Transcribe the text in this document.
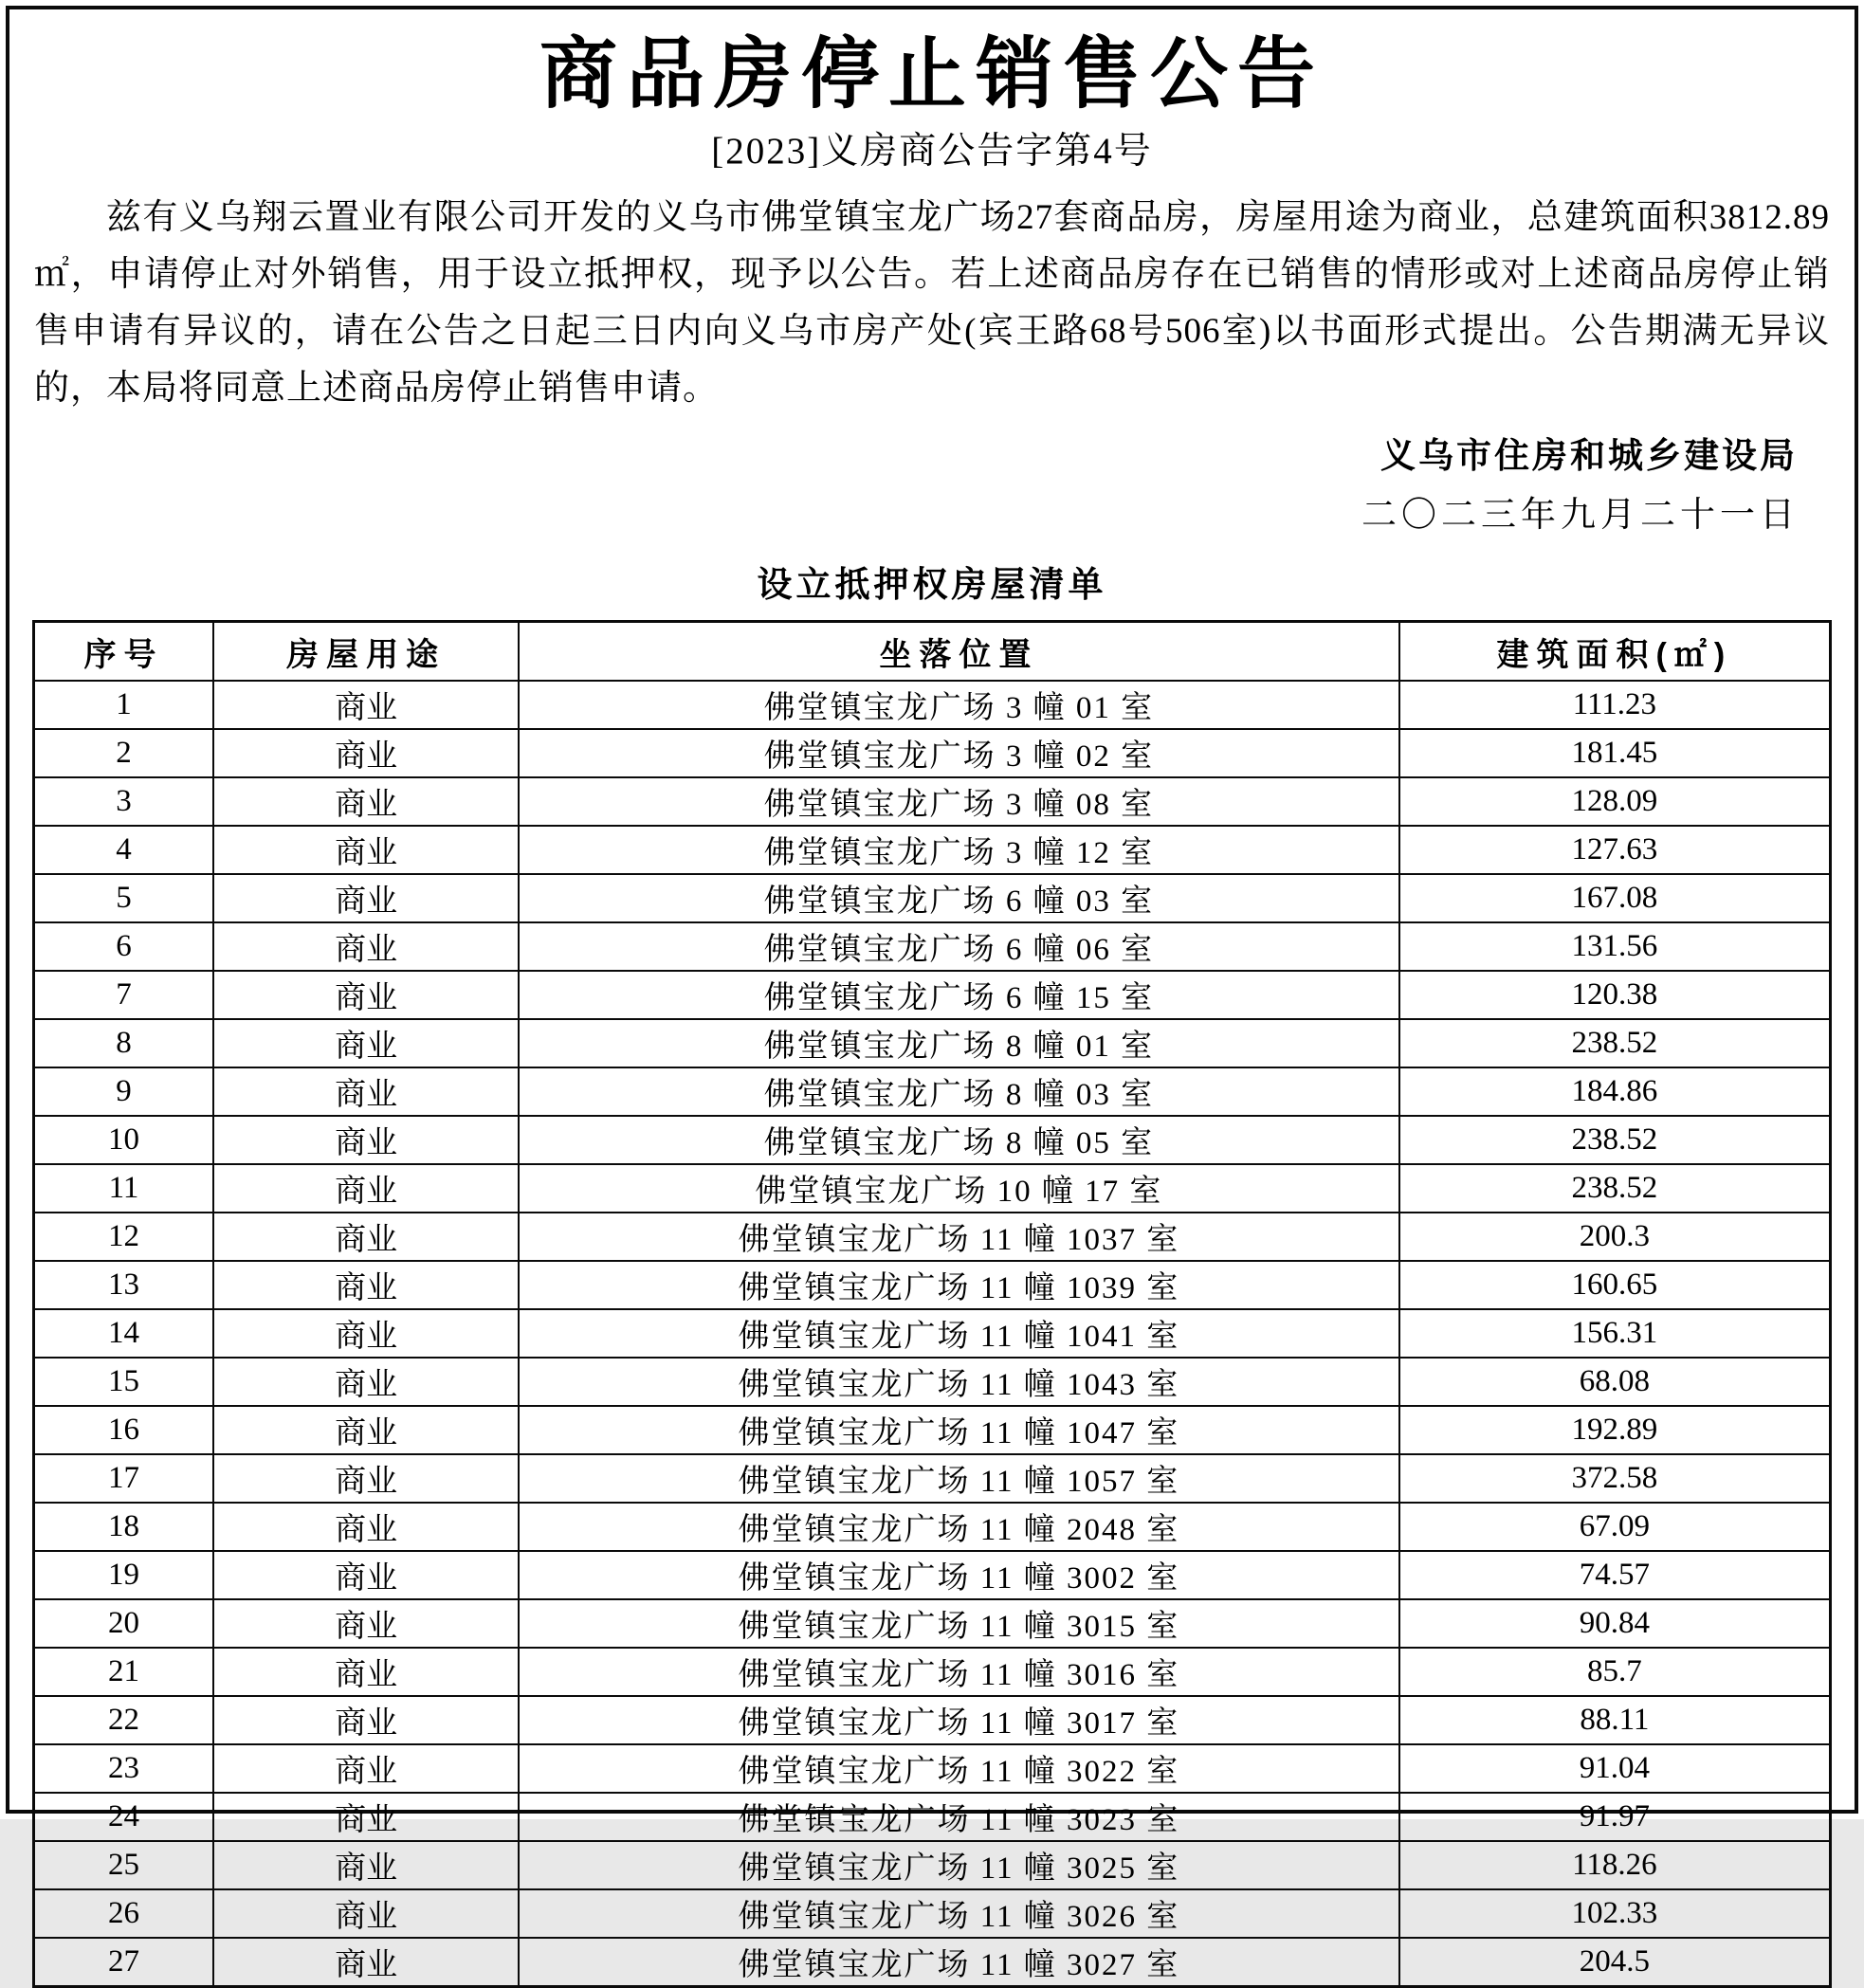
商品房停止销售公告
[2023]义房商公告字第4号

兹有义乌翔云置业有限公司开发的义乌市佛堂镇宝龙广场27套商品房，房屋用途为商业，总建筑面积3812.89㎡，申请停止对外销售，用于设立抵押权，现予以公告。若上述商品房存在已销售的情形或对上述商品房停止销售申请有异议的，请在公告之日起三日内向义乌市房产处(宾王路68号506室)以书面形式提出。公告期满无异议的，本局将同意上述商品房停止销售申请。

义乌市住房和城乡建设局
二〇二三年九月二十一日
设立抵押权房屋清单
序号	房屋用途	坐落位置	建筑面积(㎡)
1	商业	佛堂镇宝龙广场 3 幢 01 室	111.23
2	商业	佛堂镇宝龙广场 3 幢 02 室	181.45
3	商业	佛堂镇宝龙广场 3 幢 08 室	128.09
4	商业	佛堂镇宝龙广场 3 幢 12 室	127.63
5	商业	佛堂镇宝龙广场 6 幢 03 室	167.08
6	商业	佛堂镇宝龙广场 6 幢 06 室	131.56
7	商业	佛堂镇宝龙广场 6 幢 15 室	120.38
8	商业	佛堂镇宝龙广场 8 幢 01 室	238.52
9	商业	佛堂镇宝龙广场 8 幢 03 室	184.86
10	商业	佛堂镇宝龙广场 8 幢 05 室	238.52
11	商业	佛堂镇宝龙广场 10 幢 17 室	238.52
12	商业	佛堂镇宝龙广场 11 幢 1037 室	200.3
13	商业	佛堂镇宝龙广场 11 幢 1039 室	160.65
14	商业	佛堂镇宝龙广场 11 幢 1041 室	156.31
15	商业	佛堂镇宝龙广场 11 幢 1043 室	68.08
16	商业	佛堂镇宝龙广场 11 幢 1047 室	192.89
17	商业	佛堂镇宝龙广场 11 幢 1057 室	372.58
18	商业	佛堂镇宝龙广场 11 幢 2048 室	67.09
19	商业	佛堂镇宝龙广场 11 幢 3002 室	74.57
20	商业	佛堂镇宝龙广场 11 幢 3015 室	90.84
21	商业	佛堂镇宝龙广场 11 幢 3016 室	85.7
22	商业	佛堂镇宝龙广场 11 幢 3017 室	88.11
23	商业	佛堂镇宝龙广场 11 幢 3022 室	91.04
24	商业	佛堂镇宝龙广场 11 幢 3023 室	91.97
25	商业	佛堂镇宝龙广场 11 幢 3025 室	118.26
26	商业	佛堂镇宝龙广场 11 幢 3026 室	102.33
27	商业	佛堂镇宝龙广场 11 幢 3027 室	204.5
